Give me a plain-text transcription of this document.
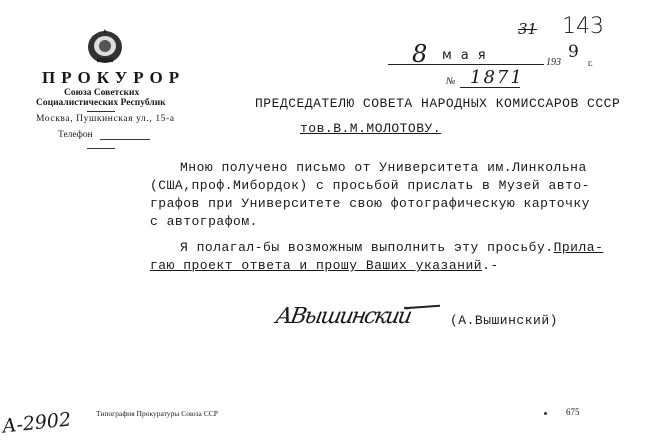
ПРОКУРОР
Союза Советских
Социалистических Республик
Москва, Пушкинская ул., 15-а
Телефон
31 143
8 мая	193
9
г.
№ 1871
ПРЕДСЕДАТЕЛЮ СОВЕТА НАРОДНЫХ КОМИССАРОВ СССР
тов.В.М.МОЛОТОВУ.
Мною получено письмо от Университета им.Линкольна
(США,проф.Мибордок) с просьбой прислать в Музей авто-
графов при Университете свою фотографическую карточку
с автографом.
Я полагал-бы возможным выполнить эту просьбу.Прила-
гаю проект ответа и прошу Ваших указаний.-
АВышинский	(А.Вышинский)
А-2902	Типография Прокуратуры Союза ССР	675
